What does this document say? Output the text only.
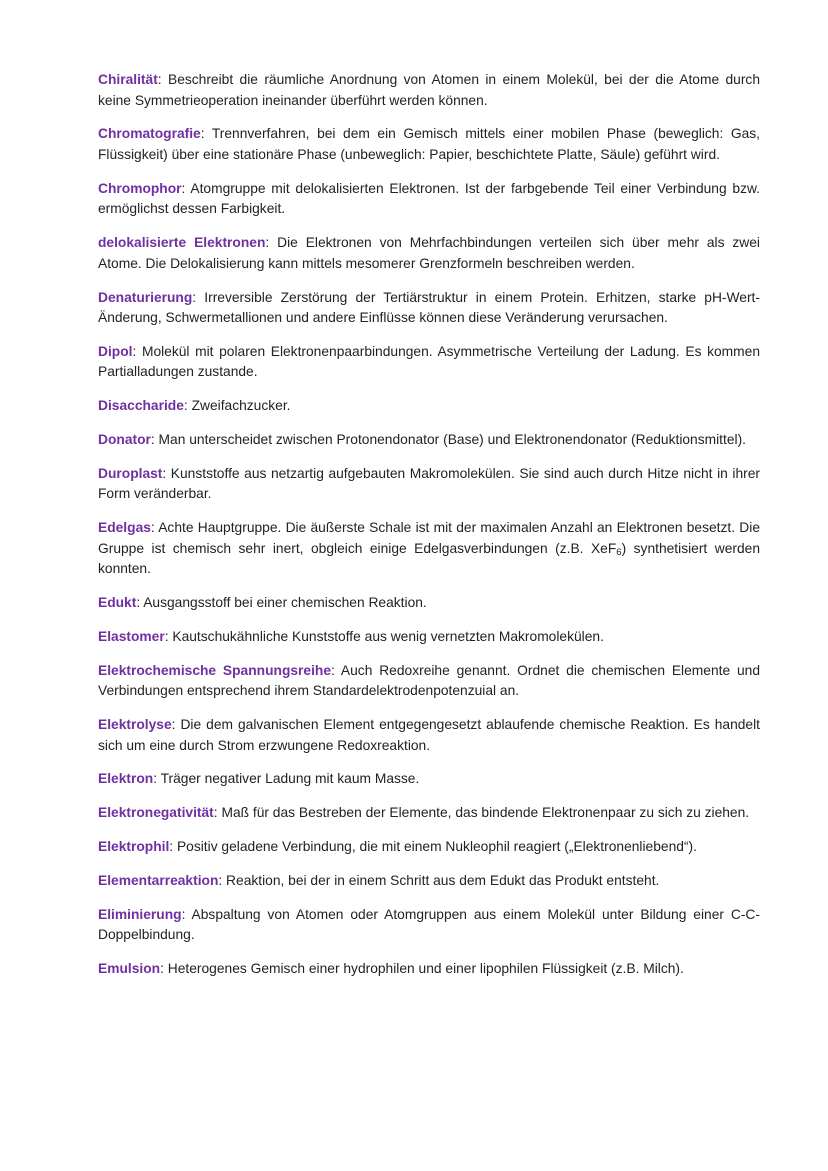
Chiralität: Beschreibt die räumliche Anordnung von Atomen in einem Molekül, bei der die Atome durch keine Symmetrieoperation ineinander überführt werden können.

Chromatografie: Trennverfahren, bei dem ein Gemisch mittels einer mobilen Phase (beweglich: Gas, Flüssigkeit) über eine stationäre Phase (unbeweglich: Papier, beschichtete Platte, Säule) geführt wird.

Chromophor: Atomgruppe mit delokalisierten Elektronen. Ist der farbgebende Teil einer Verbindung bzw. ermöglichst dessen Farbigkeit.

delokalisierte Elektronen: Die Elektronen von Mehrfachbindungen verteilen sich über mehr als zwei Atome. Die Delokalisierung kann mittels mesomerer Grenzformeln beschreiben werden.

Denaturierung: Irreversible Zerstörung der Tertiärstruktur in einem Protein. Erhitzen, starke pH-Wert-Änderung, Schwermetallionen und andere Einflüsse können diese Veränderung verursachen.

Dipol: Molekül mit polaren Elektronenpaarbindungen. Asymmetrische Verteilung der Ladung. Es kommen Partialladungen zustande.

Disaccharide: Zweifachzucker.

Donator: Man unterscheidet zwischen Protonendonator (Base) und Elektronendonator (Reduktionsmittel).

Duroplast: Kunststoffe aus netzartig aufgebauten Makromolekülen. Sie sind auch durch Hitze nicht in ihrer Form veränderbar.

Edelgas: Achte Hauptgruppe. Die äußerste Schale ist mit der maximalen Anzahl an Elektronen besetzt. Die Gruppe ist chemisch sehr inert, obgleich einige Edelgasverbindungen (z.B. XeF$_6$) synthetisiert werden konnten.

Edukt: Ausgangsstoff bei einer chemischen Reaktion.

Elastomer: Kautschukähnliche Kunststoffe aus wenig vernetzten Makromolekülen.

Elektrochemische Spannungsreihe: Auch Redoxreihe genannt. Ordnet die chemischen Elemente und Verbindungen entsprechend ihrem Standardelektrodenpotenzuial an.

Elektrolyse: Die dem galvanischen Element entgegengesetzt ablaufende chemische Reaktion. Es handelt sich um eine durch Strom erzwungene Redoxreaktion.

Elektron: Träger negativer Ladung mit kaum Masse.

Elektronegativität: Maß für das Bestreben der Elemente, das bindende Elektronenpaar zu sich zu ziehen.

Elektrophil: Positiv geladene Verbindung, die mit einem Nukleophil reagiert („Elektronenliebend“).

Elementarreaktion: Reaktion, bei der in einem Schritt aus dem Edukt das Produkt entsteht.

Eliminierung: Abspaltung von Atomen oder Atomgruppen aus einem Molekül unter Bildung einer C-C-Doppelbindung.

Emulsion: Heterogenes Gemisch einer hydrophilen und einer lipophilen Flüssigkeit (z.B. Milch).
